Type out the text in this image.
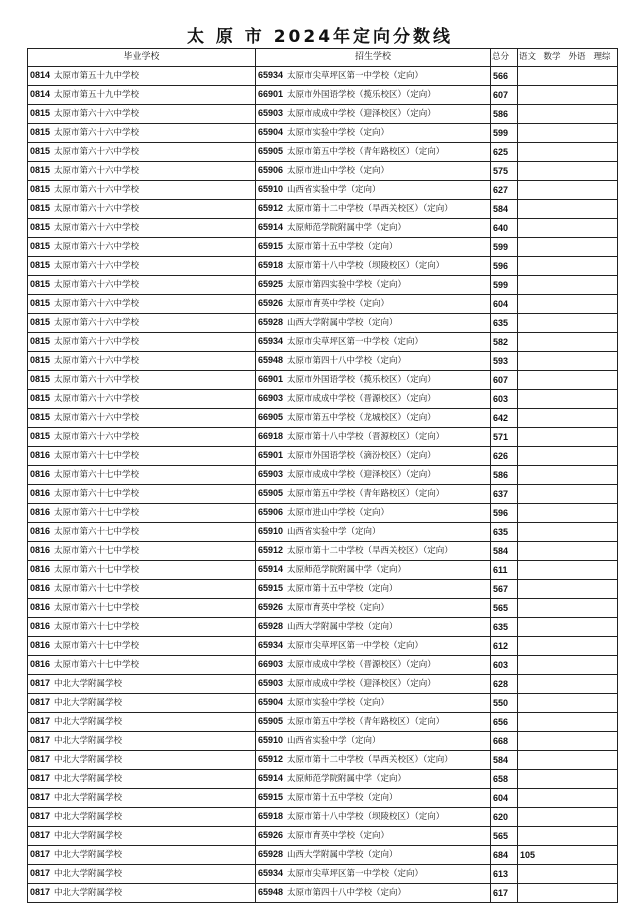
太 原 市 2024年定向分数线
毕业学校	招生学校	总分	语文	数学	外语	理综
0814 太原市第五十九中学校	65934 太原市尖草坪区第一中学校（定向）	566				
0814 太原市第五十九中学校	66901 太原市外国语学校（揽乐校区）（定向）	607				
0815 太原市第六十六中学校	65903 太原市成成中学校（迎泽校区）（定向）	586				
0815 太原市第六十六中学校	65904 太原市实验中学校（定向）	599				
0815 太原市第六十六中学校	65905 太原市第五中学校（青年路校区）（定向）	625				
0815 太原市第六十六中学校	65906 太原市进山中学校（定向）	575				
0815 太原市第六十六中学校	65910 山西省实验中学（定向）	627				
0815 太原市第六十六中学校	65912 太原市第十二中学校（旱西关校区）（定向）	584				
0815 太原市第六十六中学校	65914 太原师范学院附属中学（定向）	640				
0815 太原市第六十六中学校	65915 太原市第十五中学校（定向）	599				
0815 太原市第六十六中学校	65918 太原市第十八中学校（坝陵校区）（定向）	596				
0815 太原市第六十六中学校	65925 太原市第四实验中学校（定向）	599				
0815 太原市第六十六中学校	65926 太原市育英中学校（定向）	604				
0815 太原市第六十六中学校	65928 山西大学附属中学校（定向）	635				
0815 太原市第六十六中学校	65934 太原市尖草坪区第一中学校（定向）	582				
0815 太原市第六十六中学校	65948 太原市第四十八中学校（定向）	593				
0815 太原市第六十六中学校	66901 太原市外国语学校（揽乐校区）（定向）	607				
0815 太原市第六十六中学校	66903 太原市成成中学校（晋源校区）（定向）	603				
0815 太原市第六十六中学校	66905 太原市第五中学校（龙城校区）（定向）	642				
0815 太原市第六十六中学校	66918 太原市第十八中学校（晋源校区）（定向）	571				
0816 太原市第六十七中学校	65901 太原市外国语学校（滴汾校区）（定向）	626				
0816 太原市第六十七中学校	65903 太原市成成中学校（迎泽校区）（定向）	586				
0816 太原市第六十七中学校	65905 太原市第五中学校（青年路校区）（定向）	637				
0816 太原市第六十七中学校	65906 太原市进山中学校（定向）	596				
0816 太原市第六十七中学校	65910 山西省实验中学（定向）	635				
0816 太原市第六十七中学校	65912 太原市第十二中学校（旱西关校区）（定向）	584				
0816 太原市第六十七中学校	65914 太原师范学院附属中学（定向）	611				
0816 太原市第六十七中学校	65915 太原市第十五中学校（定向）	567				
0816 太原市第六十七中学校	65926 太原市育英中学校（定向）	565				
0816 太原市第六十七中学校	65928 山西大学附属中学校（定向）	635				
0816 太原市第六十七中学校	65934 太原市尖草坪区第一中学校（定向）	612				
0816 太原市第六十七中学校	66903 太原市成成中学校（晋源校区）（定向）	603				
0817 中北大学附属学校	65903 太原市成成中学校（迎泽校区）（定向）	628				
0817 中北大学附属学校	65904 太原市实验中学校（定向）	550				
0817 中北大学附属学校	65905 太原市第五中学校（青年路校区）（定向）	656				
0817 中北大学附属学校	65910 山西省实验中学（定向）	668				
0817 中北大学附属学校	65912 太原市第十二中学校（旱西关校区）（定向）	584				
0817 中北大学附属学校	65914 太原师范学院附属中学（定向）	658				
0817 中北大学附属学校	65915 太原市第十五中学校（定向）	604				
0817 中北大学附属学校	65918 太原市第十八中学校（坝陵校区）（定向）	620				
0817 中北大学附属学校	65926 太原市育英中学校（定向）	565				
0817 中北大学附属学校	65928 山西大学附属中学校（定向）	684	105			
0817 中北大学附属学校	65934 太原市尖草坪区第一中学校（定向）	613				
0817 中北大学附属学校	65948 太原市第四十八中学校（定向）	617				
